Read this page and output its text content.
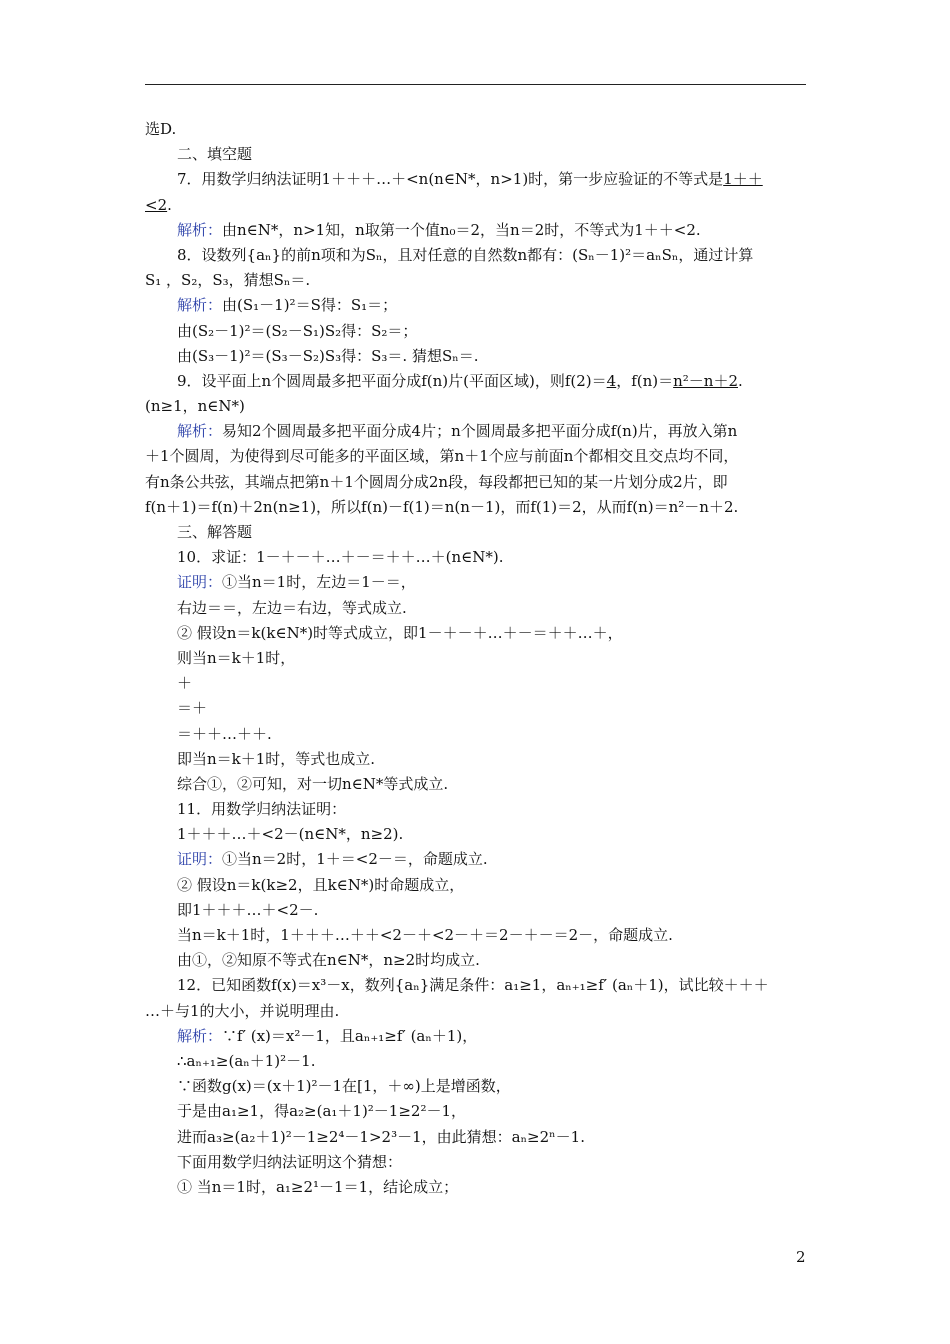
选D.
二、填空题
7．用数学归纳法证明1＋＋＋…＋<n(n∈N*，n>1)时，第一步应验证的不等式是1＋＋
<2.
解析：由n∈N*，n>1知，n取第一个值n₀＝2，当n＝2时，不等式为1＋＋<2.
8．设数列{aₙ}的前n项和为Sₙ，且对任意的自然数n都有：(Sₙ－1)²＝aₙSₙ，通过计算
S₁ ，S₂，S₃，猜想Sₙ＝.
解析：由(S₁－1)²＝S得：S₁＝；
由(S₂－1)²＝(S₂－S₁)S₂得：S₂＝；
由(S₃－1)²＝(S₃－S₂)S₃得：S₃＝. 猜想Sₙ＝.
9．设平面上n个圆周最多把平面分成f(n)片(平面区域)，则f(2)＝4，f(n)＝n²－n＋2.
(n≥1，n∈N*)
解析：易知2个圆周最多把平面分成4片；n个圆周最多把平面分成f(n)片，再放入第n
＋1个圆周，为使得到尽可能多的平面区域，第n＋1个应与前面n个都相交且交点均不同，
有n条公共弦，其端点把第n＋1个圆周分成2n段，每段都把已知的某一片划分成2片，即
f(n＋1)＝f(n)＋2n(n≥1)，所以f(n)－f(1)＝n(n－1)，而f(1)＝2，从而f(n)＝n²－n＋2.
三、解答题
10．求证：1－＋－＋…＋－＝＋＋…＋(n∈N*).
证明：①当n＝1时，左边＝1－＝，
右边＝＝，左边＝右边，等式成立.
② 假设n＝k(k∈N*)时等式成立，即1－＋－＋…＋－＝＋＋…＋，
则当n＝k＋1时，
＋
＝＋
＝＋＋…＋＋.
即当n＝k＋1时，等式也成立.
综合①，②可知，对一切n∈N*等式成立.
11．用数学归纳法证明：
1＋＋＋…＋<2－(n∈N*，n≥2).
证明：①当n＝2时，1＋＝<2－＝，命题成立.
② 假设n＝k(k≥2，且k∈N*)时命题成立，
即1＋＋＋…＋<2－.
当n＝k＋1时，1＋＋＋…＋＋<2－＋<2－＋＝2－＋－＝2－，命题成立.
由①，②知原不等式在n∈N*，n≥2时均成立.
12．已知函数f(x)＝x³－x，数列{aₙ}满足条件：a₁≥1，aₙ₊₁≥f′ (aₙ＋1)，试比较＋＋＋
…＋与1的大小，并说明理由.
解析：∵f′ (x)＝x²－1，且aₙ₊₁≥f′ (aₙ＋1)，
∴aₙ₊₁≥(aₙ＋1)²－1.
∵函数g(x)＝(x＋1)²－1在[1，＋∞)上是增函数，
于是由a₁≥1，得a₂≥(a₁＋1)²－1≥2²－1，
进而a₃≥(a₂＋1)²－1≥2⁴－1>2³－1，由此猜想：aₙ≥2ⁿ－1.
下面用数学归纳法证明这个猜想：
① 当n＝1时，a₁≥2¹－1＝1，结论成立；
2
